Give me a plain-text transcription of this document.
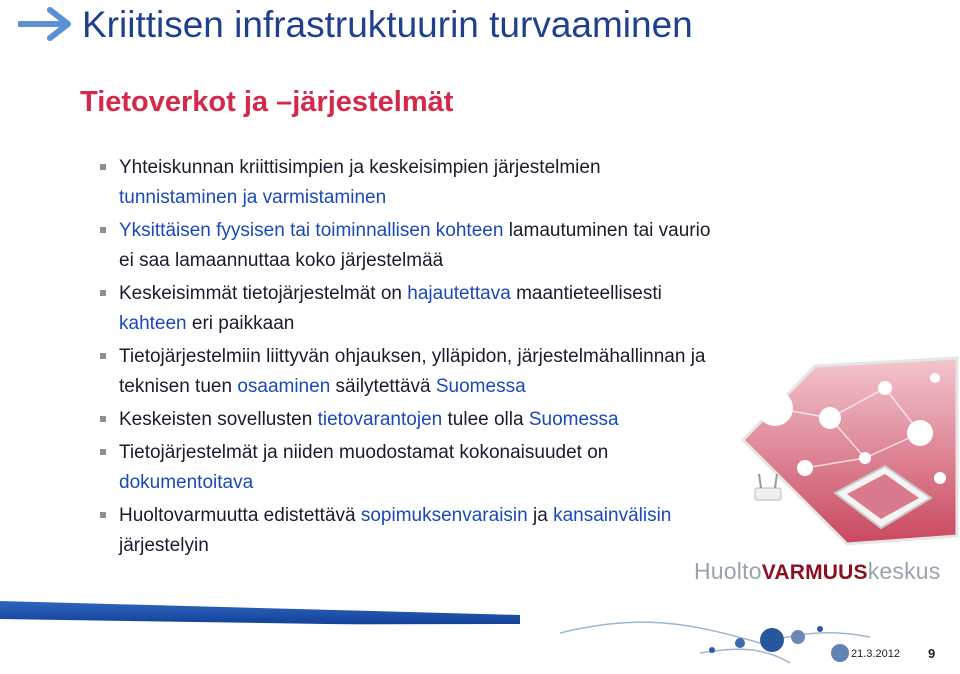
Kriittisen infrastruktuurin turvaaminen
Tietoverkot ja –järjestelmät
Yhteiskunnan kriittisimpien ja keskeisimpien järjestelmien tunnistaminen ja varmistaminen
Yksittäisen fyysisen tai toiminnallisen kohteen lamautuminen tai vaurio ei saa lamaannuttaa koko järjestelmää
Keskeisimmät tietojärjestelmät on hajautettava maantieteellisesti kahteen eri paikkaan
Tietojärjestelmiin liittyvän ohjauksen, ylläpidon, järjestelmähallinnan ja teknisen tuen osaaminen säilytettävä Suomessa
Keskeisten sovellusten tietovarantojen tulee olla Suomessa
Tietojärjestelmät ja niiden muodostamat kokonaisuudet on dokumentoitava
Huoltovarmuutta edistettävä sopimuksenvaraisin ja kansainvälisin järjestelyin
HuoltoVARMUUSkeskus
21.3.2012 9
